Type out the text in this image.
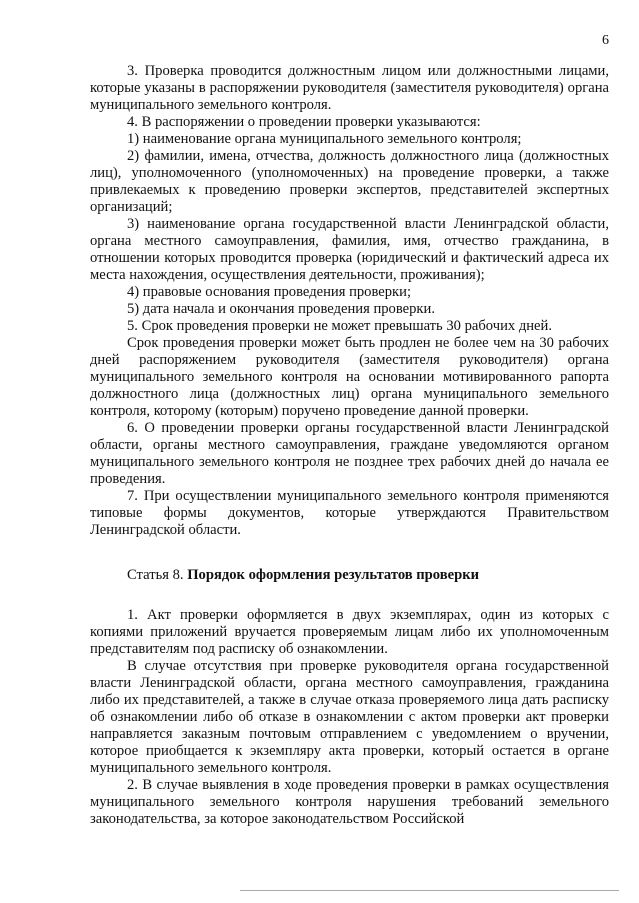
6

3. Проверка проводится должностным лицом или должностными лицами, которые указаны в распоряжении руководителя (заместителя руководителя) органа муниципального земельного контроля.

4. В распоряжении о проведении проверки указываются:

1) наименование органа муниципального земельного контроля;

2) фамилии, имена, отчества, должность должностного лица (должностных лиц), уполномоченного (уполномоченных) на проведение проверки, а также привлекаемых к проведению проверки экспертов, представителей экспертных организаций;

3) наименование органа государственной власти Ленинградской области, органа местного самоуправления, фамилия, имя, отчество гражданина, в отношении которых проводится проверка (юридический и фактический адреса их места нахождения, осуществления деятельности, проживания);

4) правовые основания проведения проверки;

5) дата начала и окончания проведения проверки.

5. Срок проведения проверки не может превышать 30 рабочих дней.

Срок проведения проверки может быть продлен не более чем на 30 рабочих дней распоряжением руководителя (заместителя руководителя) органа муниципального земельного контроля на основании мотивированного рапорта должностного лица (должностных лиц) органа муниципального земельного контроля, которому (которым) поручено проведение данной проверки.

6. О проведении проверки органы государственной власти Ленинградской области, органы местного самоуправления, граждане уведомляются органом муниципального земельного контроля не позднее трех рабочих дней до начала ее проведения.

7. При осуществлении муниципального земельного контроля применяются типовые формы документов, которые утверждаются Правительством Ленинградской области.

Статья 8. Порядок оформления результатов проверки

1. Акт проверки оформляется в двух экземплярах, один из которых с копиями приложений вручается проверяемым лицам либо их уполномоченным представителям под расписку об ознакомлении.

В случае отсутствия при проверке руководителя органа государственной власти Ленинградской области, органа местного самоуправления, гражданина либо их представителей, а также в случае отказа проверяемого лица дать расписку об ознакомлении либо об отказе в ознакомлении с актом проверки акт проверки направляется заказным почтовым отправлением с уведомлением о вручении, которое приобщается к экземпляру акта проверки, который остается в органе муниципального земельного контроля.

2. В случае выявления в ходе проведения проверки в рамках осуществления муниципального земельного контроля нарушения требований земельного законодательства, за которое законодательством Российской
